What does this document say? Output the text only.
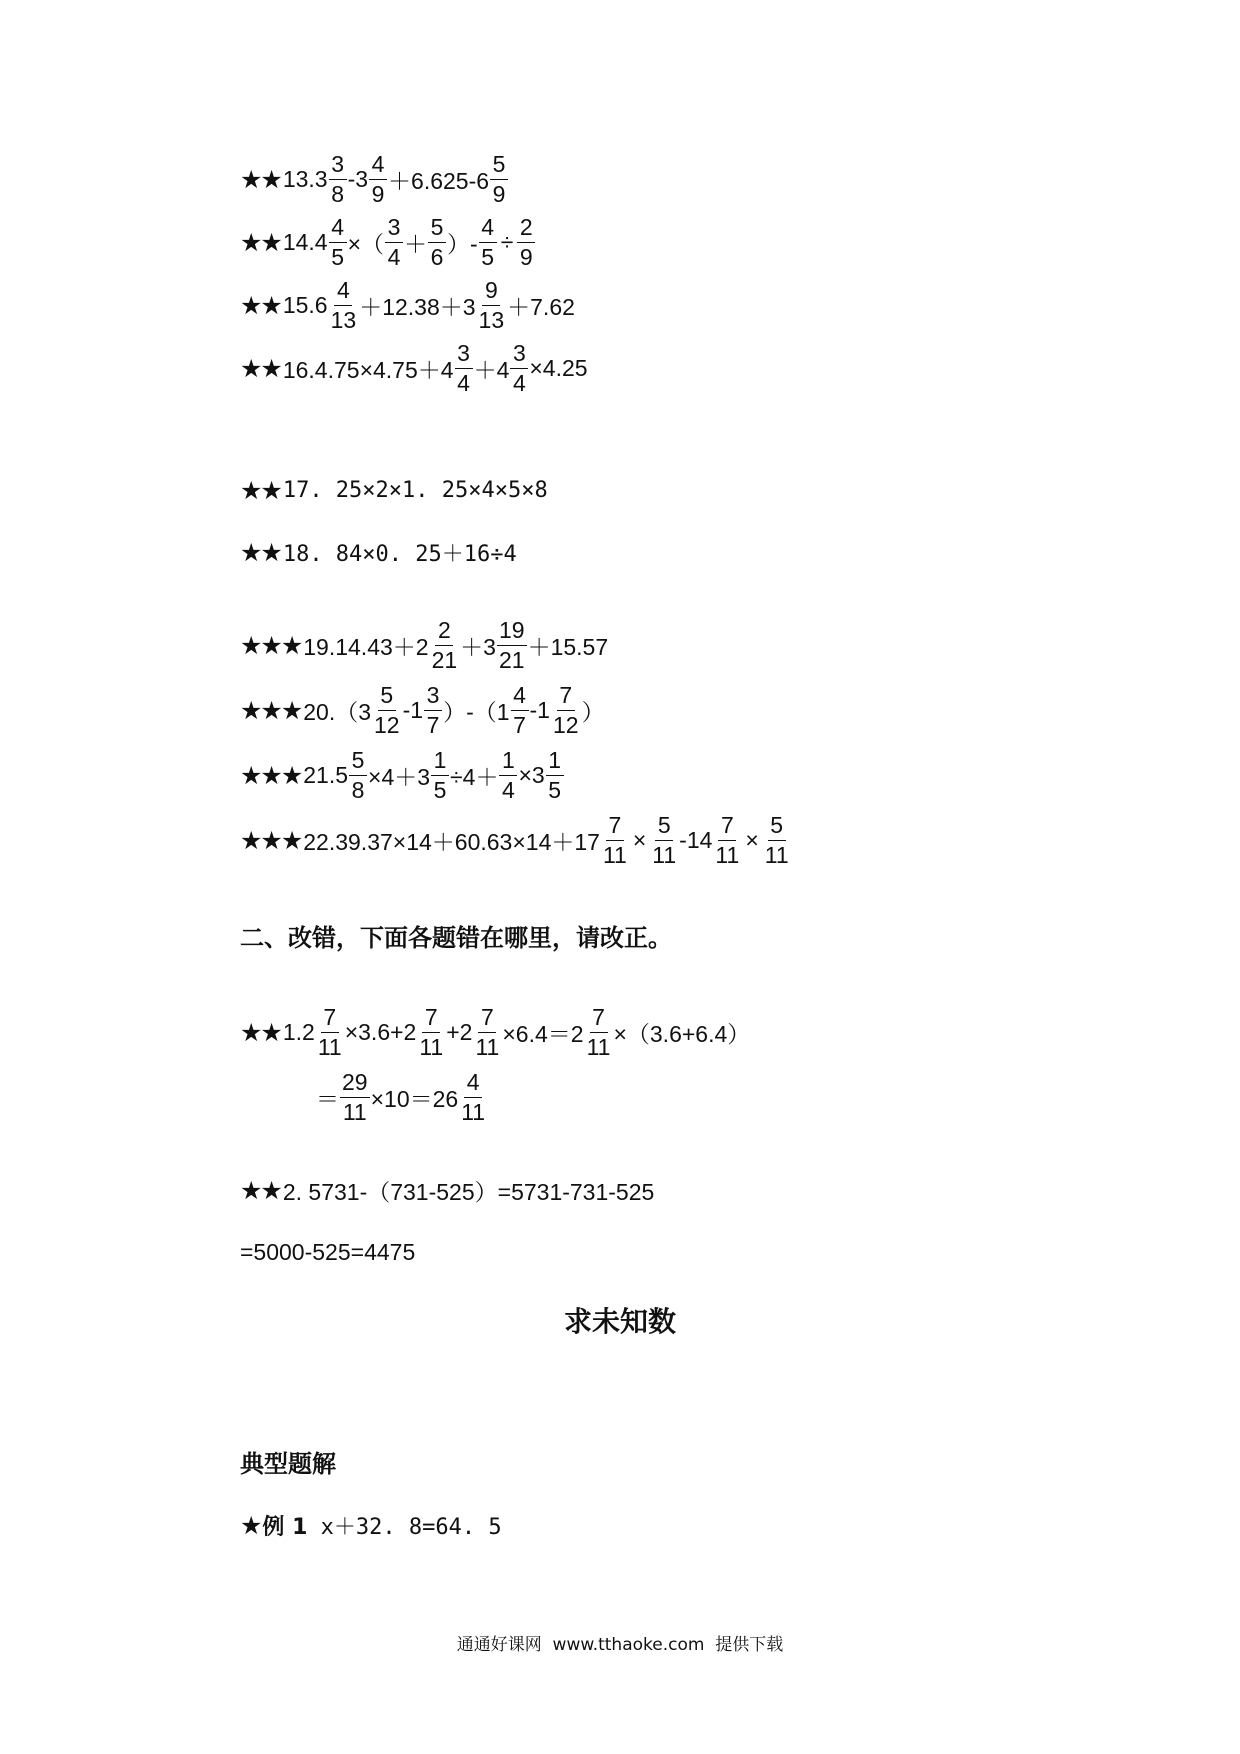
★★ $13.3 \frac{3}{8} -3 \frac{4}{9} +6.625-6 \frac{5}{9}$
★★ $14.4 \frac{4}{5}$ ×（ $\frac{3}{4} + \frac{5}{6}$ ）- $\frac{4}{5} \div \frac{2}{9}$
★★ $15.6 \frac{4}{13} +12.38+3 \frac{9}{13} +7.62$
★★ $16.4.75\times 4.75+4 \frac{3}{4} +4 \frac{3}{4} \times 4.25$
★★ 17. 25×2×1. 25×4×5×8
★★ 18. 84×0. 25＋16÷4
★★★ $19.14.43+2 \frac{2}{21} +3 \frac{19}{21} +15.57$
★★★ $20.(3 \frac{5}{12} -1 \frac{3}{7} )-(1 \frac{4}{7} -1 \frac{7}{12}$ ）
★★★ $21.5 \frac{5}{8} \times 4+3 \frac{1}{5} \div 4+ \frac{1}{4} \times 3 \frac{1}{5}$
★★★ $22.39.37\times 14+60.63\times 14+17 \frac{7}{11} \times \frac{5}{11} -14 \frac{7}{11} \times \frac{5}{11}$
二、改错，下面各题错在哪里，请改正。
★★ $1.2 \frac{7}{11} \times 3.6+2 \frac{7}{11} +2 \frac{7}{11} \times 6.4=2 \frac{7}{11} \times(3.6+6.4)$
＝ $\frac{29}{11} \times 10=26 \frac{4}{11}$
★★ 2. 5731-（731-525）=5731-731-525
=5000-525=4475
求未知数
典型题解
★ 例 1 x＋32. 8=64. 5
通通好课网  www.tthaoke.com  提供下载
